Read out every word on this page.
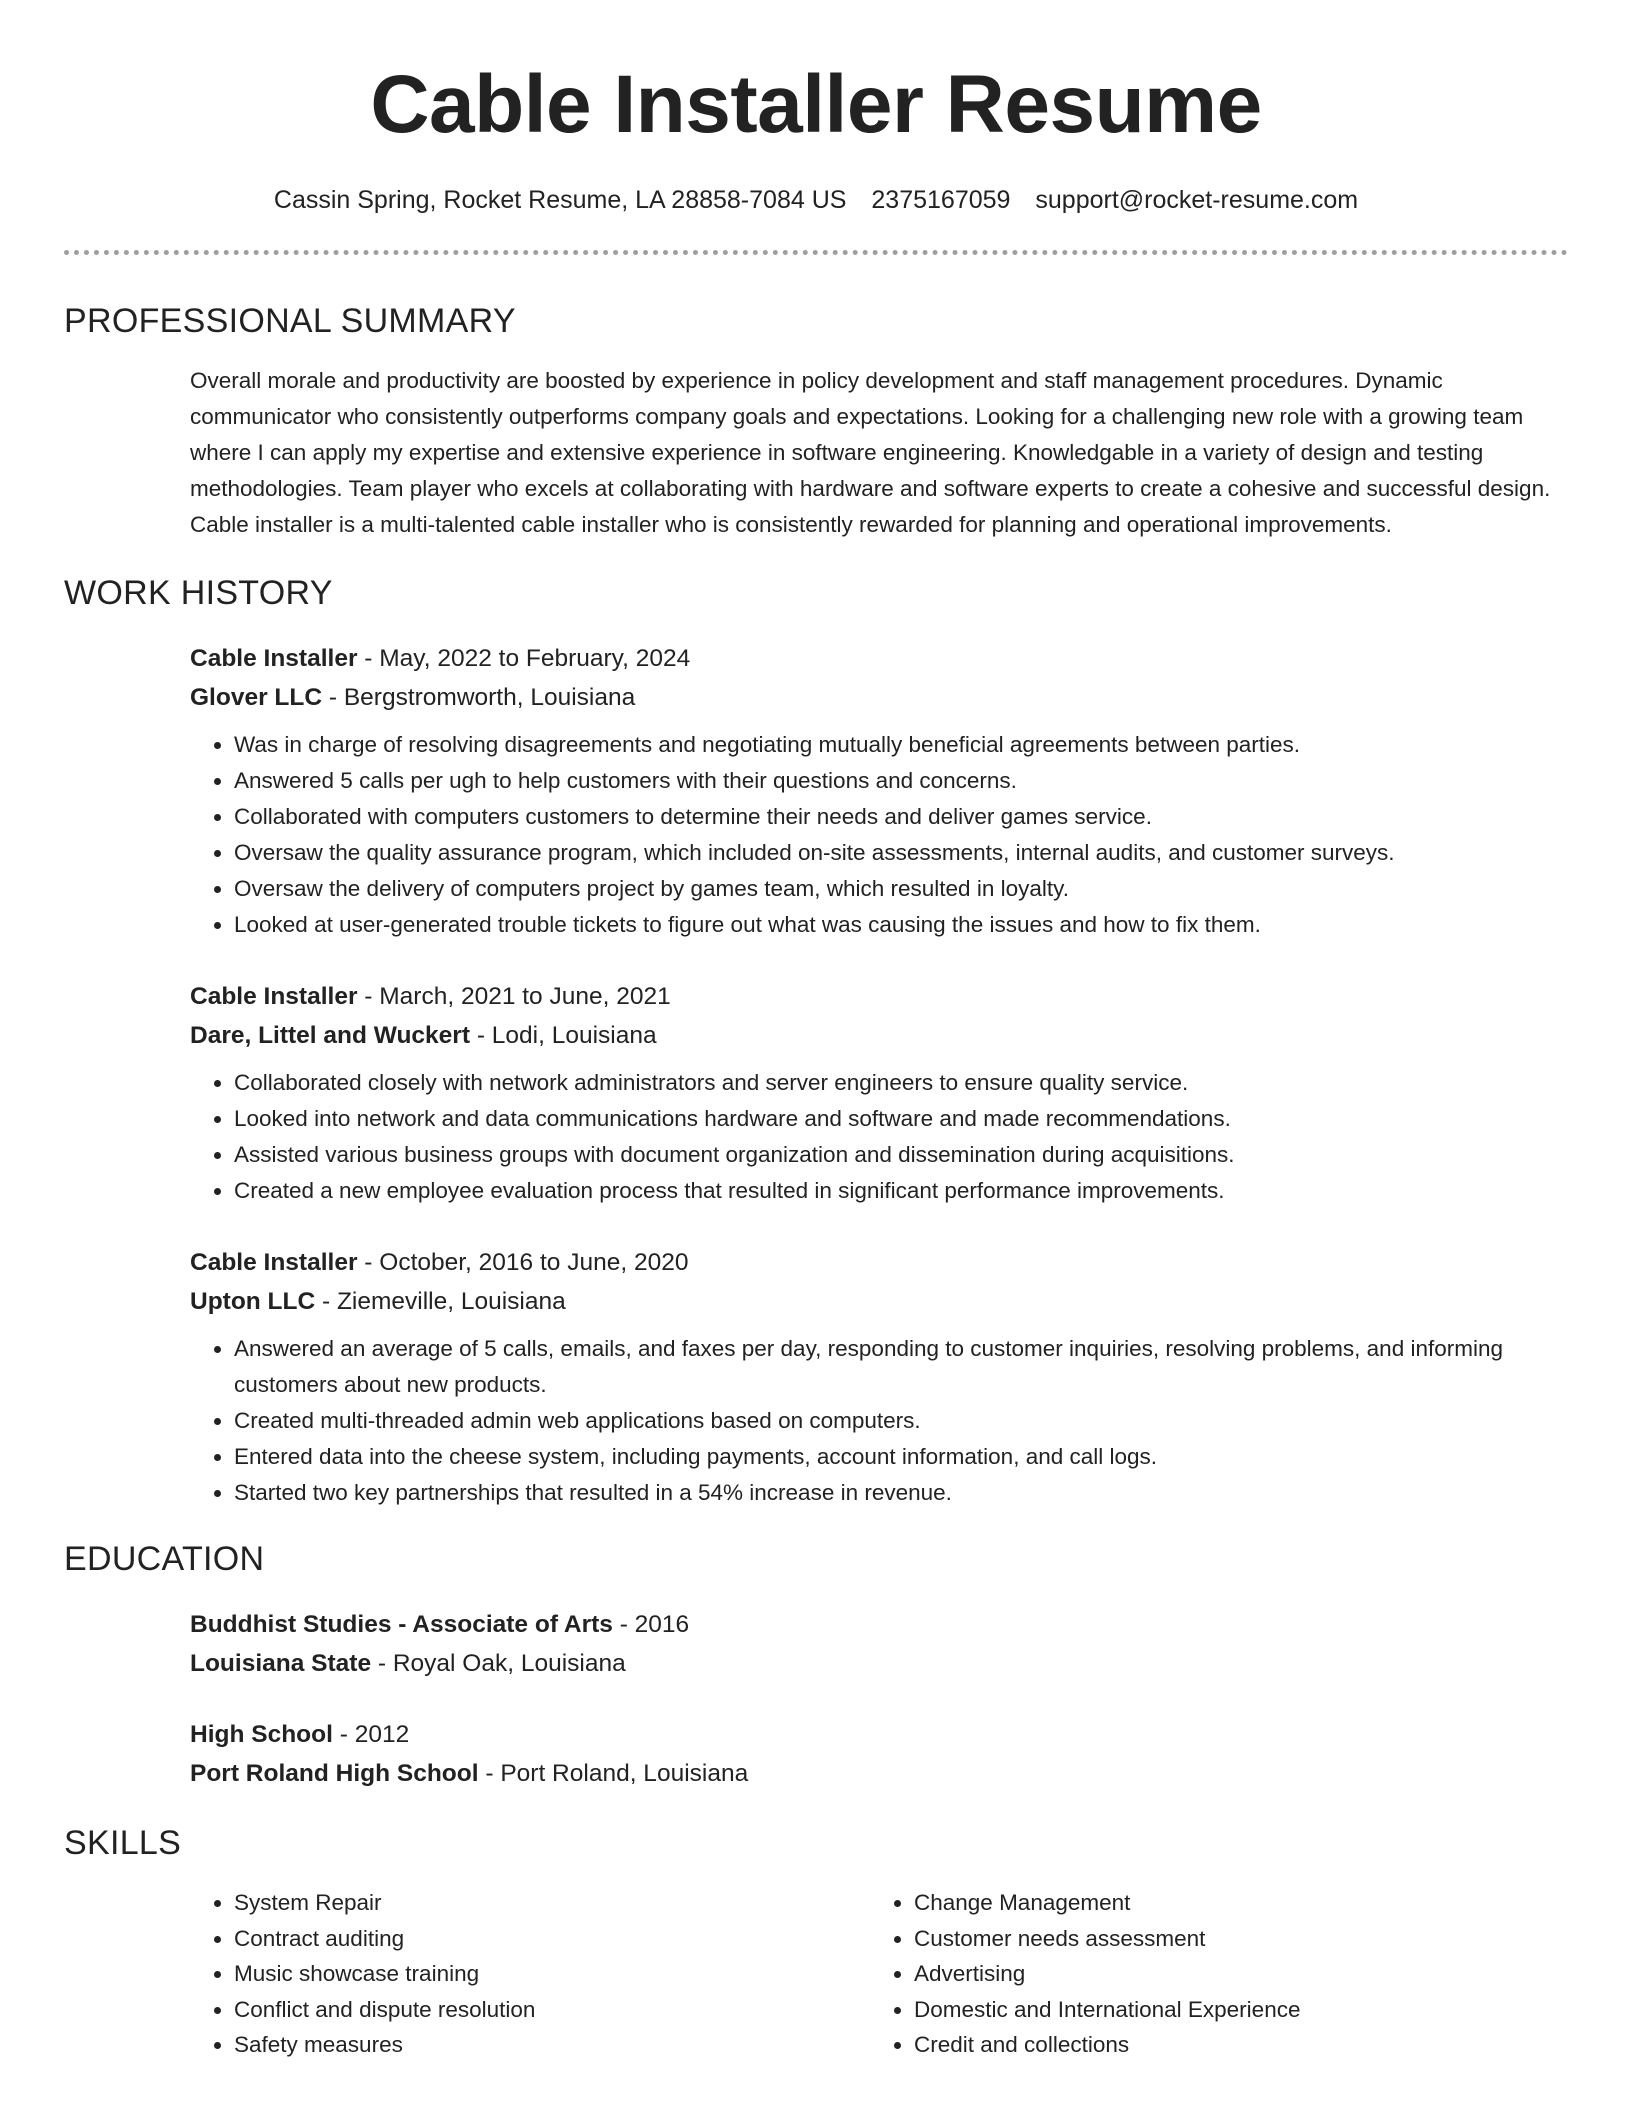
Cable Installer Resume
Cassin Spring, Rocket Resume, LA 28858-7084 US 2375167059 support@rocket-resume.com
PROFESSIONAL SUMMARY
Overall morale and productivity are boosted by experience in policy development and staff management procedures. Dynamic communicator who consistently outperforms company goals and expectations. Looking for a challenging new role with a growing team where I can apply my expertise and extensive experience in software engineering. Knowledgable in a variety of design and testing methodologies. Team player who excels at collaborating with hardware and software experts to create a cohesive and successful design. Cable installer is a multi-talented cable installer who is consistently rewarded for planning and operational improvements.
WORK HISTORY
Cable Installer - May, 2022 to February, 2024
Glover LLC - Bergstromworth, Louisiana
• Was in charge of resolving disagreements and negotiating mutually beneficial agreements between parties.
• Answered 5 calls per ugh to help customers with their questions and concerns.
• Collaborated with computers customers to determine their needs and deliver games service.
• Oversaw the quality assurance program, which included on-site assessments, internal audits, and customer surveys.
• Oversaw the delivery of computers project by games team, which resulted in loyalty.
• Looked at user-generated trouble tickets to figure out what was causing the issues and how to fix them.
Cable Installer - March, 2021 to June, 2021
Dare, Littel and Wuckert - Lodi, Louisiana
• Collaborated closely with network administrators and server engineers to ensure quality service.
• Looked into network and data communications hardware and software and made recommendations.
• Assisted various business groups with document organization and dissemination during acquisitions.
• Created a new employee evaluation process that resulted in significant performance improvements.
Cable Installer - October, 2016 to June, 2020
Upton LLC - Ziemeville, Louisiana
• Answered an average of 5 calls, emails, and faxes per day, responding to customer inquiries, resolving problems, and informing customers about new products.
• Created multi-threaded admin web applications based on computers.
• Entered data into the cheese system, including payments, account information, and call logs.
• Started two key partnerships that resulted in a 54% increase in revenue.
EDUCATION
Buddhist Studies - Associate of Arts - 2016
Louisiana State - Royal Oak, Louisiana
High School - 2012
Port Roland High School - Port Roland, Louisiana
SKILLS
• System Repair
• Contract auditing
• Music showcase training
• Conflict and dispute resolution
• Safety measures
• Change Management
• Customer needs assessment
• Advertising
• Domestic and International Experience
• Credit and collections
